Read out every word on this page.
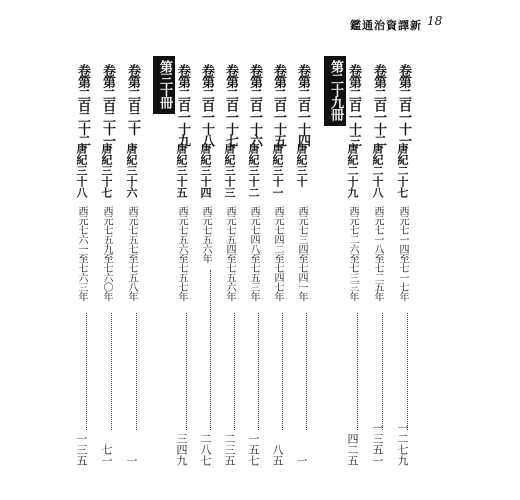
鑑通治資譯新 18
卷第二百一十一
唐紀二十七
西元七一四至七一七年
一二七九
卷第二百一十二
唐紀二十八
西元七一八至七二五年
一三五一
卷第二百一十三
唐紀二十九
西元七二六至七三三年
四二五
第二十九冊
卷第二百一十四
唐紀三十
西元七三四至七四一年
一
卷第二百一十五
唐紀三十一
西元七四二至七四七年
八五
卷第二百一十六
唐紀三十二
西元七四八至七五三年
一五七
卷第二百一十七
唐紀三十三
西元七五四至七五六年
二三五
卷第二百一十八
唐紀三十四
西元七五六年
二八七
卷第二百一十九
唐紀三十五
西元七五六至七五七年
三四九
第三十冊
卷第二百二十
唐紀三十六
西元七五七至七五八年
一
卷第二百二十一
唐紀三十七
西元七五九至七六〇年
七一
卷第二百二十二
唐紀三十八
西元七六一至七六三年
一三五
